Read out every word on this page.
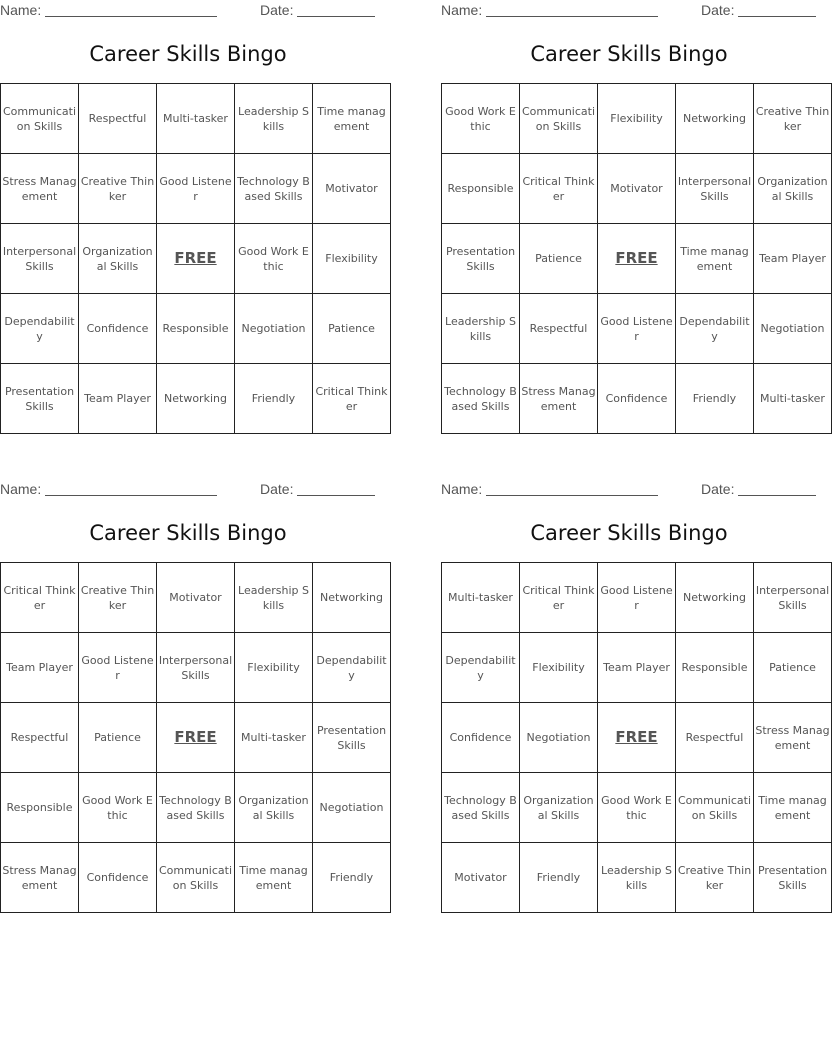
Name:	Date:
Career Skills Bingo
Communication Skills	Respectful	Multi-tasker	Leadership Skills	Time management
Stress Management	Creative Thinker	Good Listener	Technology Based Skills	Motivator
Interpersonal Skills	Organizational Skills	FREE	Good Work Ethic	Flexibility
Dependability	Confidence	Responsible	Negotiation	Patience
Presentation Skills	Team Player	Networking	Friendly	Critical Thinker
Name:	Date:
Career Skills Bingo
Good Work Ethic	Communication Skills	Flexibility	Networking	Creative Thinker
Responsible	Critical Thinker	Motivator	Interpersonal Skills	Organizational Skills
Presentation Skills	Patience	FREE	Time management	Team Player
Leadership Skills	Respectful	Good Listener	Dependability	Negotiation
Technology Based Skills	Stress Management	Confidence	Friendly	Multi-tasker
Name:	Date:
Career Skills Bingo
Critical Thinker	Creative Thinker	Motivator	Leadership Skills	Networking
Team Player	Good Listener	Interpersonal Skills	Flexibility	Dependability
Respectful	Patience	FREE	Multi-tasker	Presentation Skills
Responsible	Good Work Ethic	Technology Based Skills	Organizational Skills	Negotiation
Stress Management	Confidence	Communication Skills	Time management	Friendly
Name:	Date:
Career Skills Bingo
Multi-tasker	Critical Thinker	Good Listener	Networking	Interpersonal Skills
Dependability	Flexibility	Team Player	Responsible	Patience
Confidence	Negotiation	FREE	Respectful	Stress Management
Technology Based Skills	Organizational Skills	Good Work Ethic	Communication Skills	Time management
Motivator	Friendly	Leadership Skills	Creative Thinker	Presentation Skills
